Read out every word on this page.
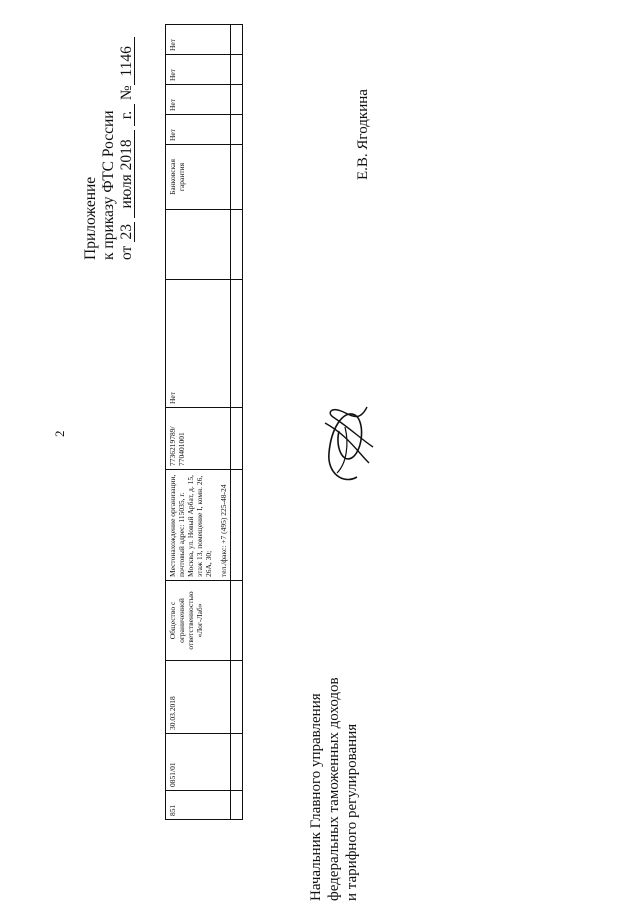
2
Приложение к приказу ФТС России от 23 июля 2018 г. №1146
851	0851/01	30.03.2018	Общество с ограниченной ответственностью «Лог-Лаб»	Местонахождение организации, почтовый адрес: 115035, г. Москва, ул. Новый Арбат, д. 15, этаж 13, помещение I, комн. 26, 26А, 30; тел./факс: +7 (495) 225-48-24	7736219789/ 770401001	Нет		Банковская гарантия	Нет	Нет	Нет	Нет

Начальник Главного управления федеральных таможенных доходов и тарифного регулирования
Е.В. Ягодкина
